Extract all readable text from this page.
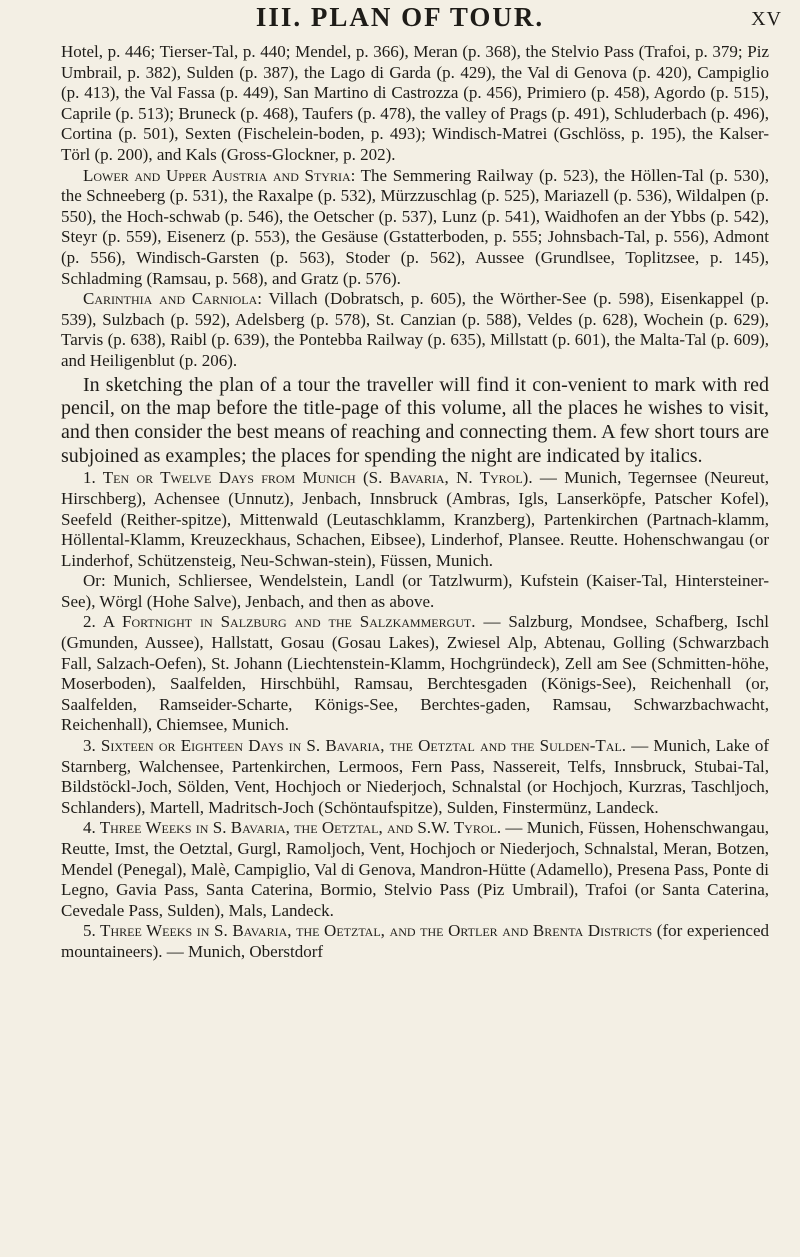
III. PLAN OF TOUR.	XV

Hotel, p. 446; Tierser-Tal, p. 440; Mendel, p. 366), Meran (p. 368), the Stelvio Pass (Trafoi, p. 379; Piz Umbrail, p. 382), Sulden (p. 387), the Lago di Garda (p. 429), the Val di Genova (p. 420), Campiglio (p. 413), the Val Fassa (p. 449), San Martino di Castrozza (p. 456), Primiero (p. 458), Agordo (p. 515), Caprile (p. 513); Bruneck (p. 468), Taufers (p. 478), the valley of Prags (p. 491), Schluderbach (p. 496), Cortina (p. 501), Sexten (Fischelein-boden, p. 493); Windisch-Matrei (Gschlöss, p. 195), the Kalser-Törl (p. 200), and Kals (Gross-Glockner, p. 202).

Lower and Upper Austria and Styria: The Semmering Railway (p. 523), the Höllen-Tal (p. 530), the Schneeberg (p. 531), the Raxalpe (p. 532), Mürzzuschlag (p. 525), Mariazell (p. 536), Wildalpen (p. 550), the Hoch-schwab (p. 546), the Oetscher (p. 537), Lunz (p. 541), Waidhofen an der Ybbs (p. 542), Steyr (p. 559), Eisenerz (p. 553), the Gesäuse (Gstatterboden, p. 555; Johnsbach-Tal, p. 556), Admont (p. 556), Windisch-Garsten (p. 563), Stoder (p. 562), Aussee (Grundlsee, Toplitzsee, p. 145), Schladming (Ramsau, p. 568), and Gratz (p. 576).

Carinthia and Carniola: Villach (Dobratsch, p. 605), the Wörther-See (p. 598), Eisenkappel (p. 539), Sulzbach (p. 592), Adelsberg (p. 578), St. Canzian (p. 588), Veldes (p. 628), Wochein (p. 629), Tarvis (p. 638), Raibl (p. 639), the Pontebba Railway (p. 635), Millstatt (p. 601), the Malta-Tal (p. 609), and Heiligenblut (p. 206).

In sketching the plan of a tour the traveller will find it con-venient to mark with red pencil, on the map before the title-page of this volume, all the places he wishes to visit, and then consider the best means of reaching and connecting them. A few short tours are subjoined as examples; the places for spending the night are indicated by italics.

1. Ten or Twelve Days from Munich (S. Bavaria, N. Tyrol). — Munich, Tegernsee (Neureut, Hirschberg), Achensee (Unnutz), Jenbach, Innsbruck (Ambras, Igls, Lanserköpfe, Patscher Kofel), Seefeld (Reither-spitze), Mittenwald (Leutaschklamm, Kranzberg), Partenkirchen (Partnach-klamm, Höllental-Klamm, Kreuzeckhaus, Schachen, Eibsee), Linderhof, Plansee. Reutte. Hohenschwangau (or Linderhof, Schützensteig, Neu-Schwan-stein), Füssen, Munich.

Or: Munich, Schliersee, Wendelstein, Landl (or Tatzlwurm), Kufstein (Kaiser-Tal, Hintersteiner-See), Wörgl (Hohe Salve), Jenbach, and then as above.

2. A Fortnight in Salzburg and the Salzkammergut. — Salzburg, Mondsee, Schafberg, Ischl (Gmunden, Aussee), Hallstatt, Gosau (Gosau Lakes), Zwiesel Alp, Abtenau, Golling (Schwarzbach Fall, Salzach-Oefen), St. Johann (Liechtenstein-Klamm, Hochgründeck), Zell am See (Schmitten-höhe, Moserboden), Saalfelden, Hirschbühl, Ramsau, Berchtesgaden (Königs-See), Reichenhall (or, Saalfelden, Ramseider-Scharte, Königs-See, Berchtes-gaden, Ramsau, Schwarzbachwacht, Reichenhall), Chiemsee, Munich.

3. Sixteen or Eighteen Days in S. Bavaria, the Oetztal and the Sulden-Tal. — Munich, Lake of Starnberg, Walchensee, Partenkirchen, Lermoos, Fern Pass, Nassereit, Telfs, Innsbruck, Stubai-Tal, Bildstöckl-Joch, Sölden, Vent, Hochjoch or Niederjoch, Schnalstal (or Hochjoch, Kurzras, Taschljoch, Schlanders), Martell, Madritsch-Joch (Schöntaufspitze), Sulden, Finstermünz, Landeck.

4. Three Weeks in S. Bavaria, the Oetztal, and S.W. Tyrol. — Munich, Füssen, Hohenschwangau, Reutte, Imst, the Oetztal, Gurgl, Ramoljoch, Vent, Hochjoch or Niederjoch, Schnalstal, Meran, Botzen, Mendel (Penegal), Malè, Campiglio, Val di Genova, Mandron-Hütte (Adamello), Presena Pass, Ponte di Legno, Gavia Pass, Santa Caterina, Bormio, Stelvio Pass (Piz Umbrail), Trafoi (or Santa Caterina, Cevedale Pass, Sulden), Mals, Landeck.

5. Three Weeks in S. Bavaria, the Oetztal, and the Ortler and Brenta Districts (for experienced mountaineers). — Munich, Oberstdorf
